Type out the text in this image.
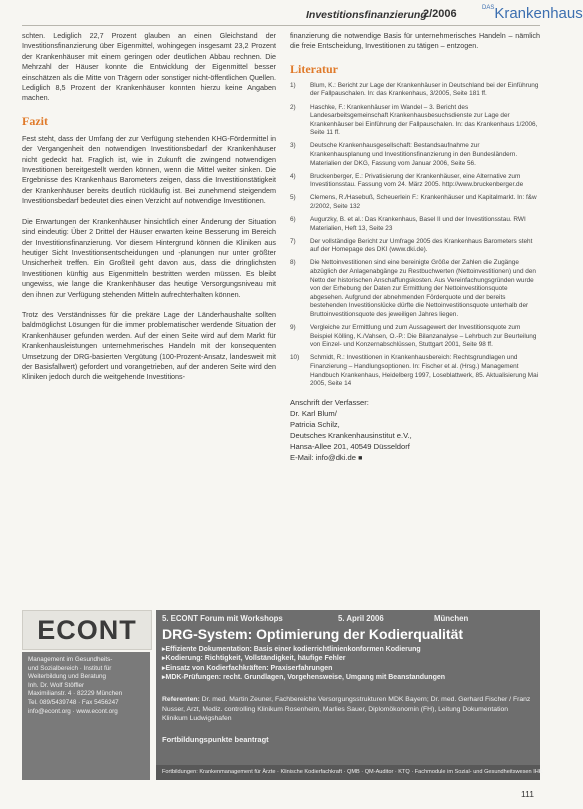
Investitionsfinanzierung
2/2006	$^{DAS}$Krankenhaus

schten. Lediglich 22,7 Prozent glauben an einen Gleichstand der Investitionsfinanzierung über Eigenmittel, wohingegen insgesamt 23,2 Prozent der Krankenhäuser mit einem geringen oder deutlichen Abbau rechnen. Die Mehrzahl der Häuser konnte die Entwicklung der Eigenmittel besser einschätzen als die Mitte von Trägern oder sonstiger nicht-öffentlichen Quellen. Lediglich 8,5 Prozent der Krankenhäuser konnten hierzu keine Angaben machen.

Fazit

Fest steht, dass der Umfang der zur Verfügung stehenden KHG-Fördermittel in der Vergangenheit den notwendigen Investitionsbedarf der Krankenhäuser nicht gedeckt hat. Fraglich ist, wie in Zukunft die zwingend notwendigen Investitionen bereitgestellt werden können, wenn die Mittel weiter sinken. Die Ergebnisse des Krankenhaus Barometers zeigen, dass die Investitionstätigkeit der Krankenhäuser bereits deutlich rückläufig ist. Bei zunehmend steigendem Investitionsbedarf bedeutet dies einen Verzicht auf notwendige Investitionen.

Die Erwartungen der Krankenhäuser hinsichtlich einer Änderung der Situation sind eindeutig: Über 2 Drittel der Häuser erwarten keine Besserung im Bereich der Investitionsfinanzierung. Vor diesem Hintergrund können die Kliniken aus heutiger Sicht Investitionsentscheidungen und -planungen nur unter größter Unsicherheit treffen. Ein Großteil geht davon aus, dass die dringlichsten Investitionen künftig aus Eigenmitteln bestritten werden müssen. Es bleibt ungewiss, wie lange die Krankenhäuser das heutige Versorgungsniveau mit den ihnen zur Verfügung stehenden Mitteln aufrechterhalten können.

Trotz des Verständnisses für die prekäre Lage der Länderhaushalte sollten baldmöglichst Lösungen für die immer problematischer werdende Situation der Krankenhäuser gefunden werden. Auf der einen Seite wird auf dem Markt für Krankenhausleistungen unternehmerisches Handeln mit der konsequenten Umsetzung der DRG-basierten Vergütung (100-Prozent-Ansatz, landesweit mit der Basisfallwert) gefordert und vorangetrieben, auf der anderen Seite wird den Kliniken jedoch durch die weitgehende Investitions-

finanzierung die notwendige Basis für unternehmerisches Handeln – nämlich die freie Entscheidung, Investitionen zu tätigen – entzogen.

Literatur
1) Blum, K.: Bericht zur Lage der Krankenhäuser in Deutschland bei der Einführung der Fallpauschalen. In: das Krankenhaus, 3/2005, Seite 181 ff.
2) Haschke, F.: Krankenhäuser im Wandel – 3. Bericht des Landesarbeitsgemeinschaft Krankenhausbesuchsdienste zur Lage der Krankenhäuser bei Einführung der Fallpauschalen. In: das Krankenhaus 1/2006, Seite 11 ff.
3) Deutsche Krankenhausgesellschaft: Bestandsaufnahme zur Krankenhausplanung und Investitionsfinanzierung in den Bundesländern. Materialien der DKG, Fassung vom Januar 2006, Seite 56.
4) Bruckenberger, E.: Privatisierung der Krankenhäuser, eine Alternative zum Investitionsstau. Fassung vom 24. März 2005. http://www.bruckenberger.de
5) Clemens, R./Hasebuß, Scheuerlein F.: Krankenhäuser und Kapitalmarkt. In: f&w 2/2002, Seite 132
6) Augurzky, B. et al.: Das Krankenhaus, Basel II und der Investitionsstau. RWI Materialien, Heft 13, Seite 23
7) Der vollständige Bericht zur Umfrage 2005 des Krankenhaus Barometers steht auf der Homepage des DKI (www.dki.de).
8) Die Nettoinvestitionen sind eine bereinigte Größe der Zahlen die Zugänge abzüglich der Anlagenabgänge zu Restbuchwerten (Nettoinvestitionen) und den Netto der historischen Anschaffungskosten. Aus Vereinfachungsgründen wurde von der Erhebung der Daten zur Ermittlung der Nettoinvestitionsquote abgesehen. Aufgrund der abnehmenden Förderquote und der bereits bestehenden Investitionslücke dürfte die Nettoinvestitionsquote unterhalb der Bruttoinvestitionsquote des jeweiligen Jahres liegen.
9) Vergleiche zur Ermittlung und zum Aussagewert der Investitionsquote zum Beispiel Kölling, K./Vahsen, O.-P.: Die Bilanzanalyse – Lehrbuch zur Beurteilung von Einzel- und Konzernabschlüssen, Stuttgart 2001, Seite 98 ff.
10) Schmidt, R.: Investitionen in Krankenhausbereich: Rechtsgrundlagen und Finanzierung – Handlungsoptionen. In: Fischer et al. (Hrsg.) Management Handbuch Krankenhaus, Heidelberg 1997, Loseblattwerk, 85. Aktualisierung Mai 2005, Seite 14
Anschrift der Verfasser:
Dr. Karl Blum/
Patricia Schilz,
Deutsches Krankenhausinstitut e.V.,
Hansa-Allee 201, 40549 Düsseldorf
E-Mail: info@dki.de ■
ECONT
Management im Gesundheits-
und Sozialbereich · Institut für
Weiterbildung und Beratung
Inh. Dr. Wolf Stöffler
Maximilianstr. 4 · 82229 München
Tel. 089/5439748 · Fax 5456247
info@econt.org · www.econt.org
5. ECONT Forum mit Workshops	5. April 2006	München
DRG-System: Optimierung der Kodierqualität
▸ Effiziente Dokumentation: Basis einer kodierrichtlinienkonformen Kodierung
▸ Kodierung: Richtigkeit, Vollständigkeit, häufige Fehler
▸ Einsatz von Kodierfachkräften: Praxiserfahrungen
▸ MDK-Prüfungen: recht. Grundlagen, Vorgehensweise, Umgang mit Beanstandungen
Referenten: Dr. med. Martin Zeuner, Fachbereiche Versorgungsstrukturen MDK Bayern; Dr. med. Gerhard Fischer / Franz Nusser, Arzt, Mediz. controlling Klinikum Rosenheim, Marlies Sauer, Diplomökonomin (FH), Leitung Dokumentation Klinikum Ludwigshafen
Fortbildungspunkte beantragt
Fortbildungen: Krankenmanagement für Ärzte · Klinische Kodierfachkraft · QMB · QM-Auditor · KTQ · Fachmodule im Sozial- und Gesundheitswesen IHK
111
